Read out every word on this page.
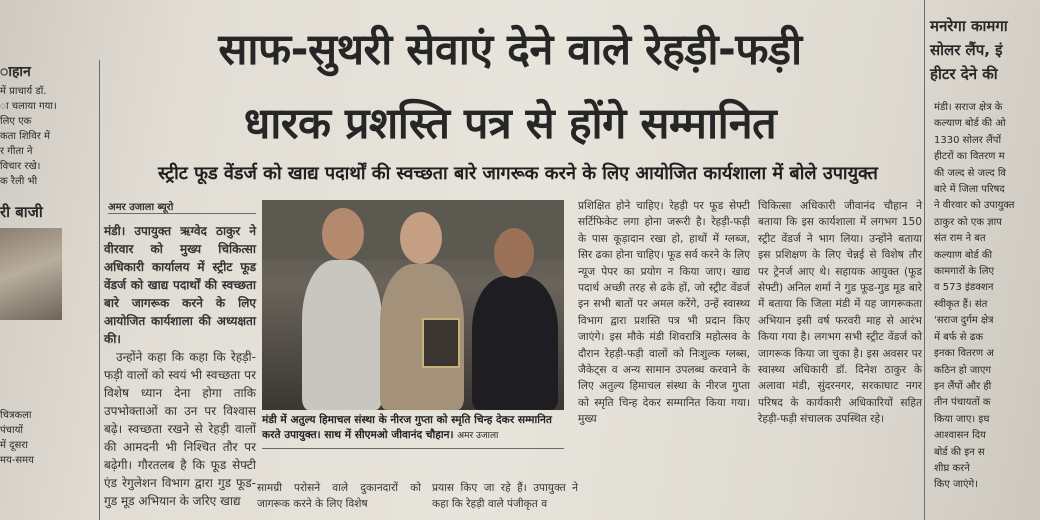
ाहान
में प्राचार्य डॉ.
ा चलाया गया।
लिए एक
कता शिविर में
र गीता ने
विचार रखे।
क रैली भी
री बाजी
चित्रकला
पंचायों
में दूसरा
मय-समय
साफ-सुथरी सेवाएं देने वाले रेहड़ी-फड़ी
धारक प्रशस्ति पत्र से होंगे सम्मानित
स्ट्रीट फूड वेंडर्ज को खाद्य पदार्थों की स्वच्छता बारे जागरूक करने के लिए आयोजित कार्यशाला में बोले उपायुक्त
अमर उजाला ब्यूरो

मंडी। उपायुक्त ऋग्वेद ठाकुर ने वीरवार को मुख्य चिकित्सा अधिकारी कार्यालय में स्ट्रीट फूड वेंडर्ज को खाद्य पदार्थों की स्वच्छता बारे जागरूक करने के लिए आयोजित कार्यशाला की अध्यक्षता की।

उन्होंने कहा कि कहा कि रेहड़ी-फड़ी वालों को स्वयं भी स्वच्छता पर विशेष ध्यान देना होगा ताकि उपभोक्ताओं का उन पर विश्वास बढ़े। स्वच्छता रखने से रेहड़ी वालों की आमदनी भी निश्चित तौर पर बढ़ेगी। गौरतलब है कि फूड सेफ्टी एंड रेगुलेशन विभाग द्वारा गुड फूड-गुड मूड अभियान के जरिए खाद्य

मंडी में अतुल्य हिमाचल संस्था के नीरज गुप्ता को स्मृति चिन्ह देकर सम्मानित करते उपायुक्त। साथ में सीएमओ जीवानंद चौहान। अमर उजाला
सामग्री परोसने वाले दुकानदारों को जागरूक करने के लिए विशेष
प्रयास किए जा रहे हैं। उपायुक्त ने कहा कि रेहड़ी वाले पंजीकृत व
प्रशिक्षित होने चाहिए। रेहड़ी पर फूड सेफ्टी सर्टिफिकेट लगा होना जरूरी है। रेहड़ी-फड़ी के पास कूड़ादान रखा हो, हाथों में ग्लब्ज, सिर ढका होना चाहिए। फूड सर्व करने के लिए न्यूज पेपर का प्रयोग न किया जाए। खाद्य पदार्थ अच्छी तरह से ढके हों, जो स्ट्रीट वेंडर्ज इन सभी बातों पर अमल करेंगे, उन्हें स्वास्थ्य विभाग द्वारा प्रशस्ति पत्र भी प्रदान किए जाएंगे। इस मौके मंडी शिवरात्रि महोत्सव के दौरान रेहड़ी-फड़ी वालों को निःशुल्क ग्लब्स, जैकेट्स व अन्य सामान उपलब्ध करवाने के लिए अतुल्य हिमाचल संस्था के नीरज गुप्ता को स्मृति चिन्ह देकर सम्मानित किया गया। मुख्य
चिकित्सा अधिकारी जीवानंद चौहान ने बताया कि इस कार्यशाला में लगभग 150 स्ट्रीट वेंडर्ज ने भाग लिया। उन्होंने बताया इस प्रशिक्षण के लिए चेन्नई से विशेष तौर पर ट्रेनर्ज आए थे। सहायक आयुक्त (फूड सेफ्टी) अनिल शर्मा ने गुड फूड-गुड मूड बारे में बताया कि जिला मंडी में यह जागरूकता अभियान इसी वर्ष फरवरी माह से आरंभ किया गया है। लगभग सभी स्ट्रीट वेंडर्ज को जागरूक किया जा चुका है। इस अवसर पर स्वास्थ्य अधिकारी डॉ. दिनेश ठाकुर के अलावा मंडी, सुंदरनगर, सरकाघाट नगर परिषद के कार्यकारी अधिकारियों सहित रेहड़ी-फड़ी संचालक उपस्थित रहे।
मनरेगा कामगा
सोलर लैंप, इं
हीटर देने की
मंडी। सराज क्षेत्र के
कल्याण बोर्ड की ओ
1330 सोलर लैंपों
हीटरों का वितरण म
की जल्द से जल्द वि
बारे में जिला परिषद
ने वीरवार को उपायुक्त
ठाकुर को एक ज्ञाप
संत राम ने बत
कल्याण बोर्ड की
कामगारों के लिए
व 573 इंडक्शन
स्वीकृत हैं। संत
'सराज दुर्गम क्षेत्र
में बर्फ से ढक
इनका वितरण अ
कठिन हो जाएग
इन लैंपों और ही
तीन पंचायतों क
किया जाए। इध
आश्वासन दिय
बोर्ड की इन स
शीघ्र करने
किए जाएंगे।
